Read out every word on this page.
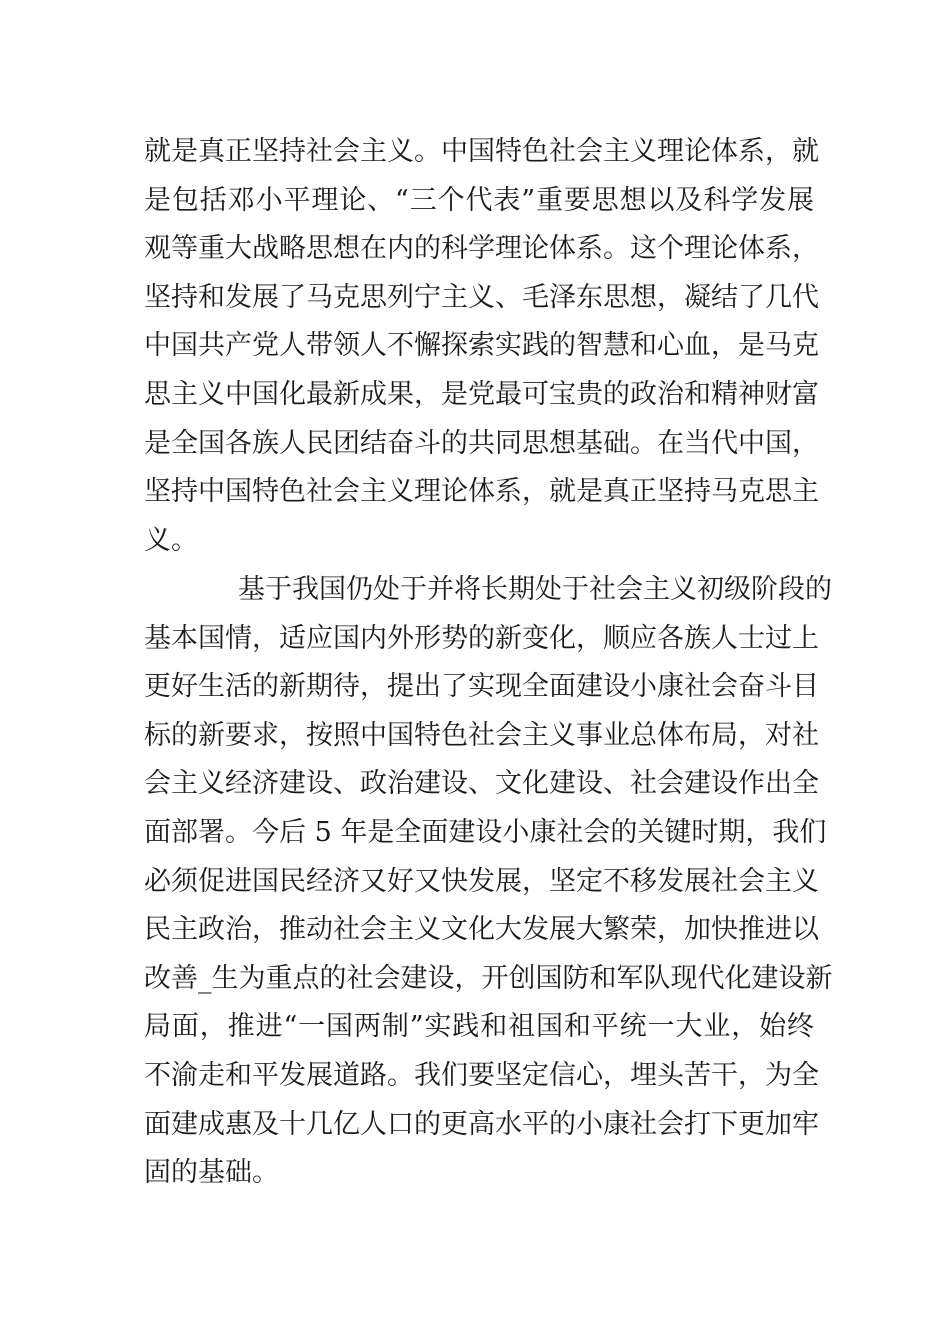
就是真正坚持社会主义。中国特色社会主义理论体系，就
是包括邓小平理论、“三个代表”重要思想以及科学发展
观等重大战略思想在内的科学理论体系。这个理论体系，
坚持和发展了马克思列宁主义、毛泽东思想，凝结了几代
中国共产党人带领人不懈探索实践的智慧和心血，是马克
思主义中国化最新成果，是党最可宝贵的政治和精神财富
是全国各族人民团结奋斗的共同思想基础。在当代中国，
坚持中国特色社会主义理论体系，就是真正坚持马克思主
义。
基于我国仍处于并将长期处于社会主义初级阶段的
基本国情，适应国内外形势的新变化，顺应各族人士过上
更好生活的新期待，提出了实现全面建设小康社会奋斗目
标的新要求，按照中国特色社会主义事业总体布局，对社
会主义经济建设、政治建设、文化建设、社会建设作出全
面部署。今后 5 年是全面建设小康社会的关键时期，我们
必须促进国民经济又好又快发展，坚定不移发展社会主义
民主政治，推动社会主义文化大发展大繁荣，加快推进以
改善_生为重点的社会建设，开创国防和军队现代化建设新
局面，推进“一国两制”实践和祖国和平统一大业，始终
不渝走和平发展道路。我们要坚定信心，埋头苦干，为全
面建成惠及十几亿人口的更高水平的小康社会打下更加牢
固的基础。
